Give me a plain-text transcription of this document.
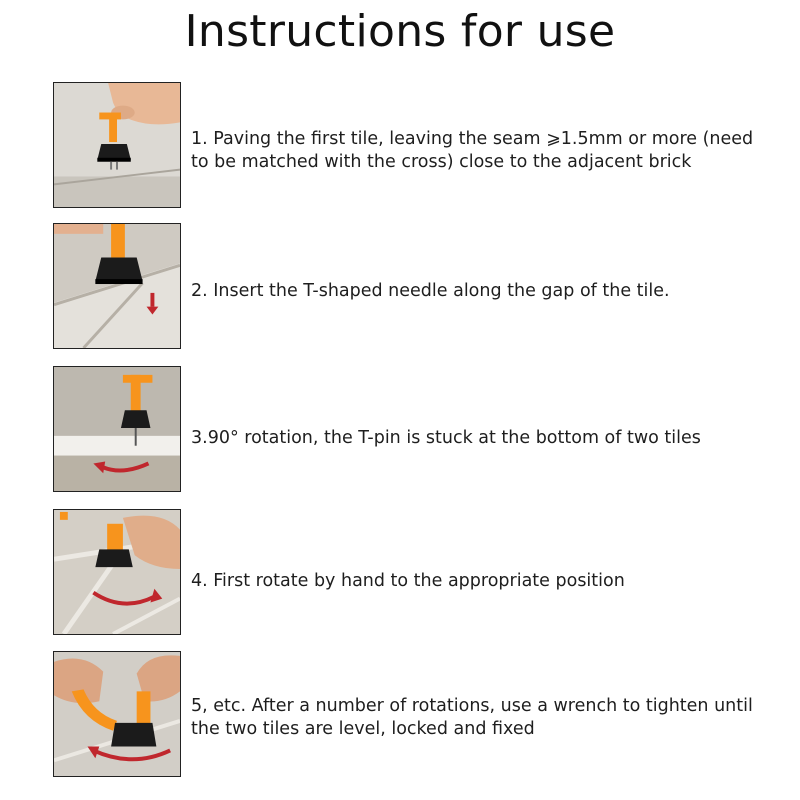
Instructions for use
1. Paving the first tile, leaving the seam ⩾1.5mm or more (need to be matched with the cross) close to the adjacent brick
2. Insert the T-shaped needle along the gap of the tile.
3.90° rotation, the T-pin is stuck at the bottom of two tiles
4. First rotate by hand to the appropriate position
5, etc. After a number of rotations, use a wrench to tighten until the two tiles are level, locked and fixed
